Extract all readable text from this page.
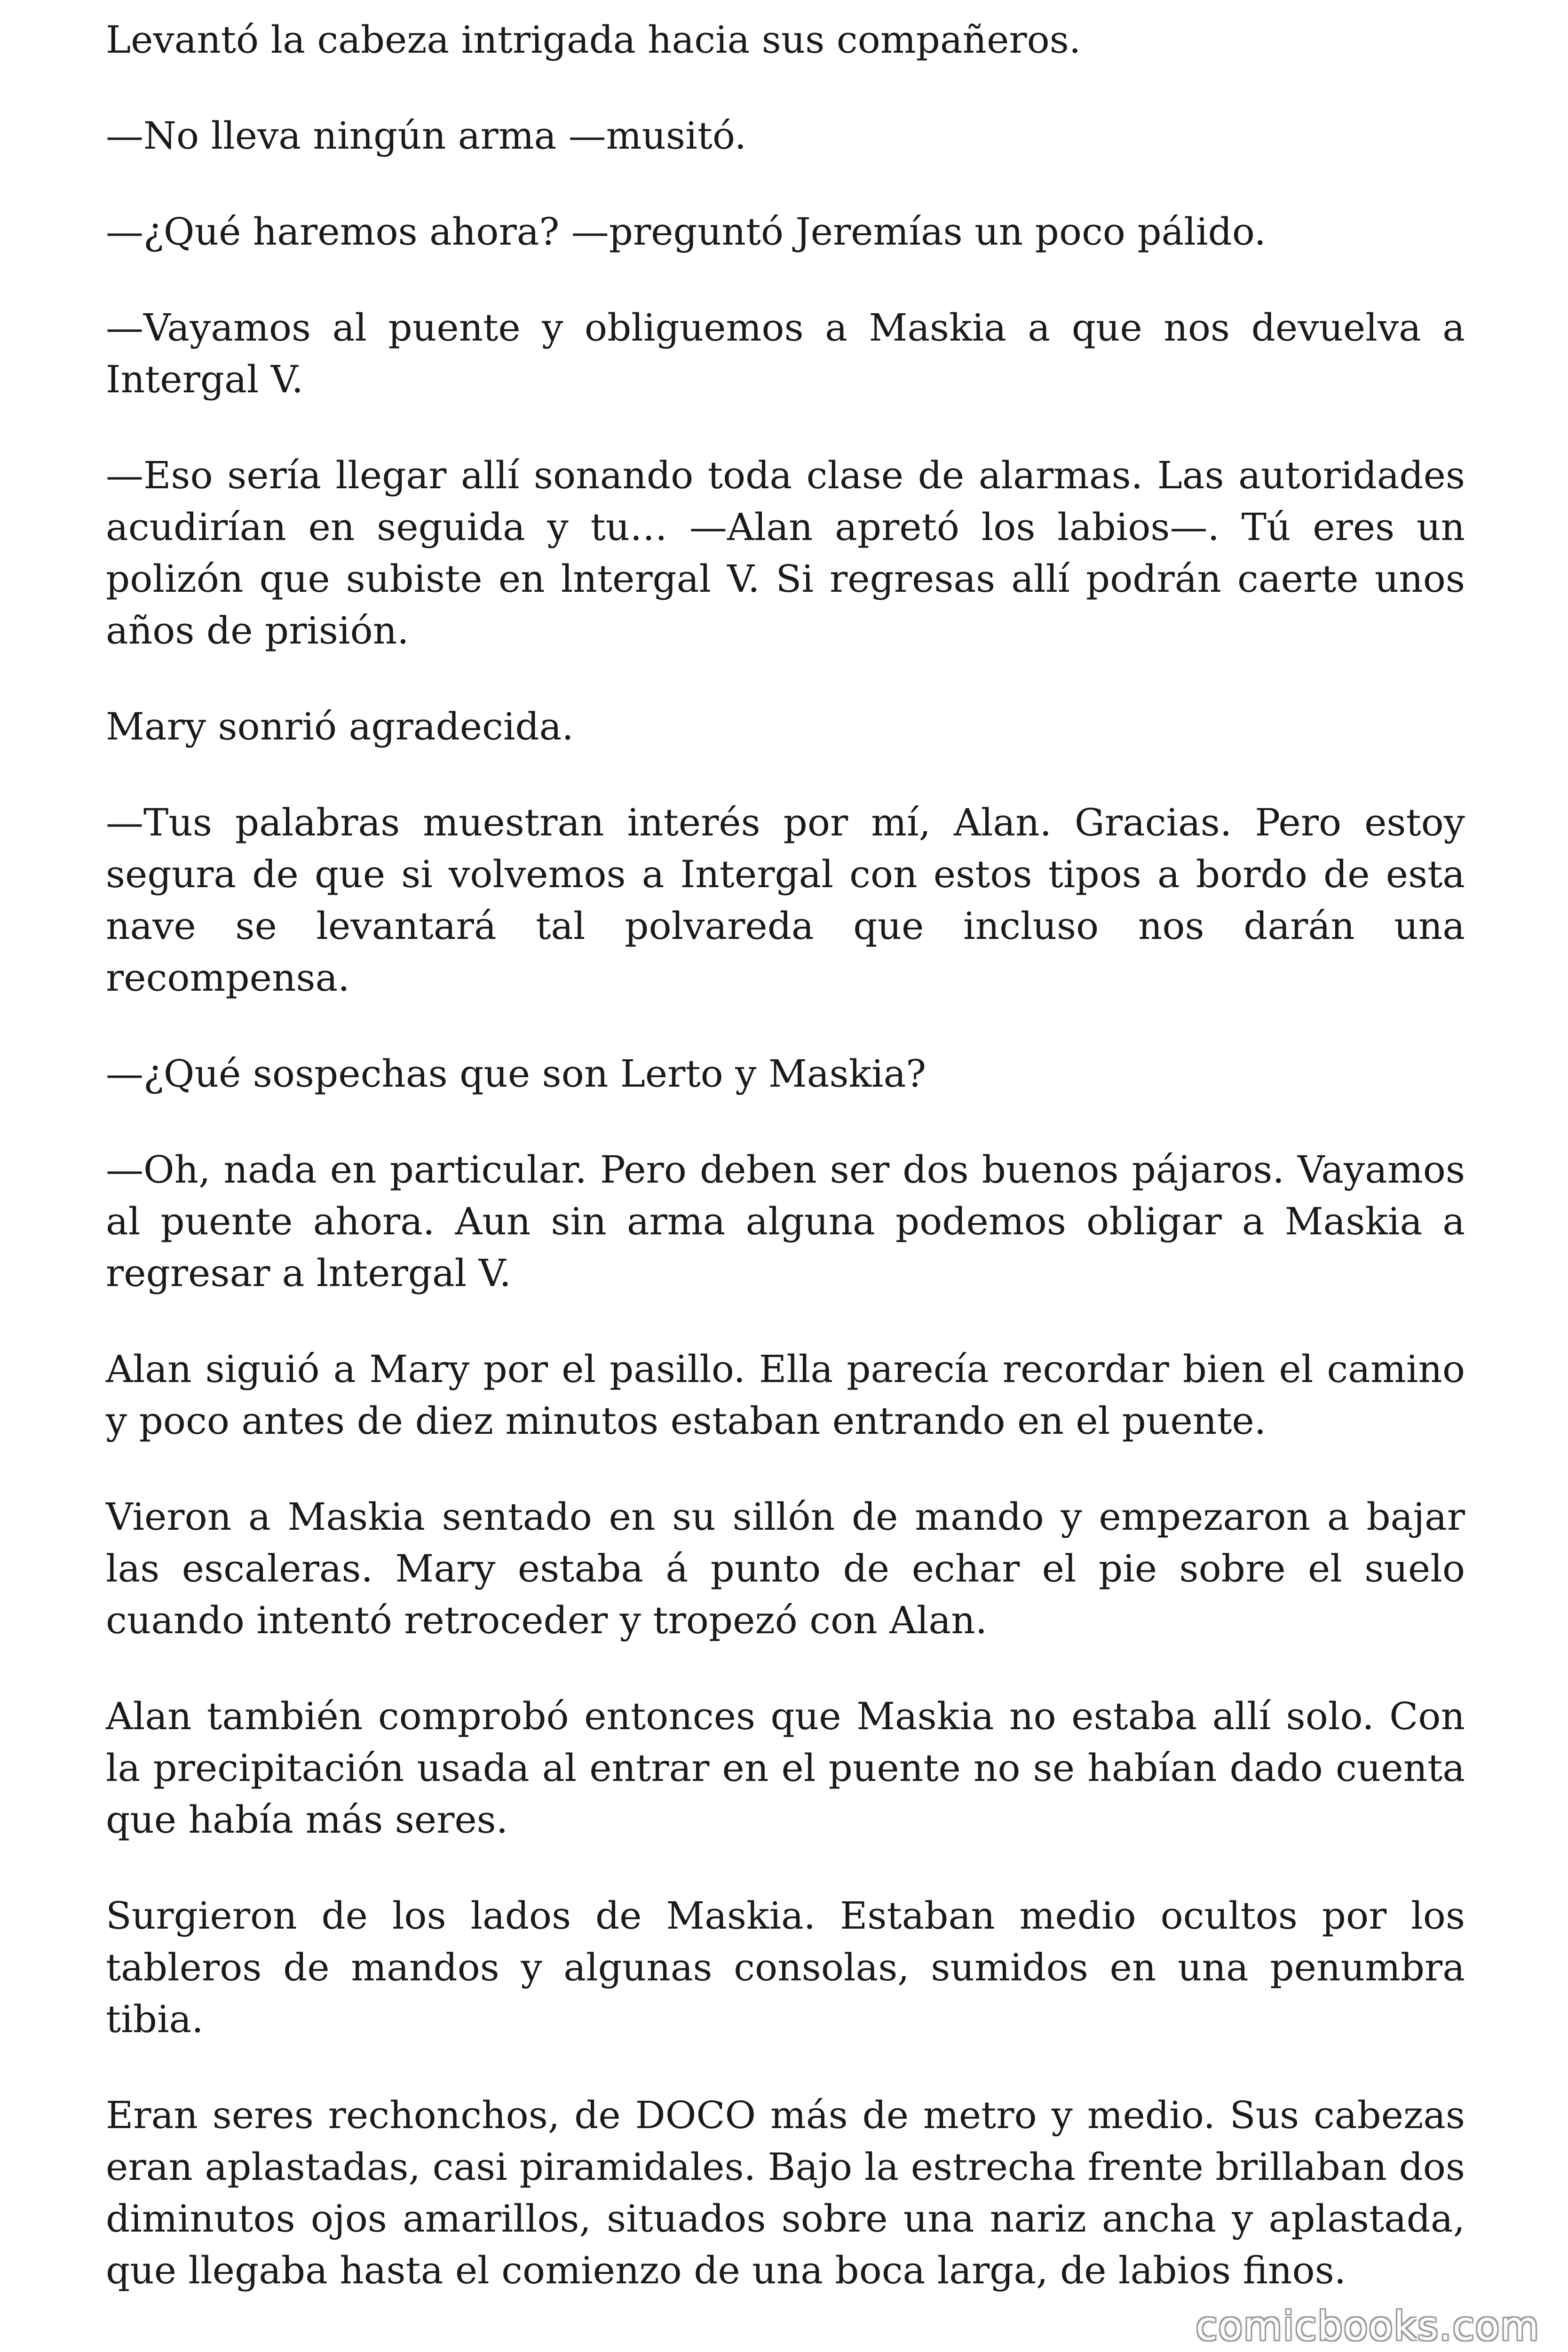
Levantó la cabeza intrigada hacia sus compañeros.

—No lleva ningún arma —musitó.

—¿Qué haremos ahora? —preguntó Jeremías un poco pálido.

—Vayamos al puente y obliguemos a Maskia a que nos devuelva a Intergal V.

—Eso sería llegar allí sonando toda clase de alarmas. Las autoridades acudirían en seguida y tu… —Alan apretó los labios—. Tú eres un polizón que subiste en lntergal V. Si regresas allí podrán caerte unos años de prisión.

Mary sonrió agradecida.

—Tus palabras muestran interés por mí, Alan. Gracias. Pero estoy segura de que si volvemos a Intergal con estos tipos a bordo de esta nave se levantará tal polvareda que incluso nos darán una recompensa.

—¿Qué sospechas que son Lerto y Maskia?

—Oh, nada en particular. Pero deben ser dos buenos pájaros. Vayamos al puente ahora. Aun sin arma alguna podemos obligar a Maskia a regresar a lntergal V.

Alan siguió a Mary por el pasillo. Ella parecía recordar bien el camino y poco antes de diez minutos estaban entrando en el puente.

Vieron a Maskia sentado en su sillón de mando y empezaron a bajar las escaleras. Mary estaba á punto de echar el pie sobre el suelo cuando intentó retroceder y tropezó con Alan.

Alan también comprobó entonces que Maskia no estaba allí solo. Con la precipitación usada al entrar en el puente no se habían dado cuenta que había más seres.

Surgieron de los lados de Maskia. Estaban medio ocultos por los tableros de mandos y algunas consolas, sumidos en una penumbra tibia.

Eran seres rechonchos, de DOCO más de metro y medio. Sus cabezas eran aplastadas, casi piramidales. Bajo la estrecha frente brillaban dos diminutos ojos amarillos, situados sobre una nariz ancha y aplastada, que llegaba hasta el comienzo de una boca larga, de labios finos.

comicbooks.com
